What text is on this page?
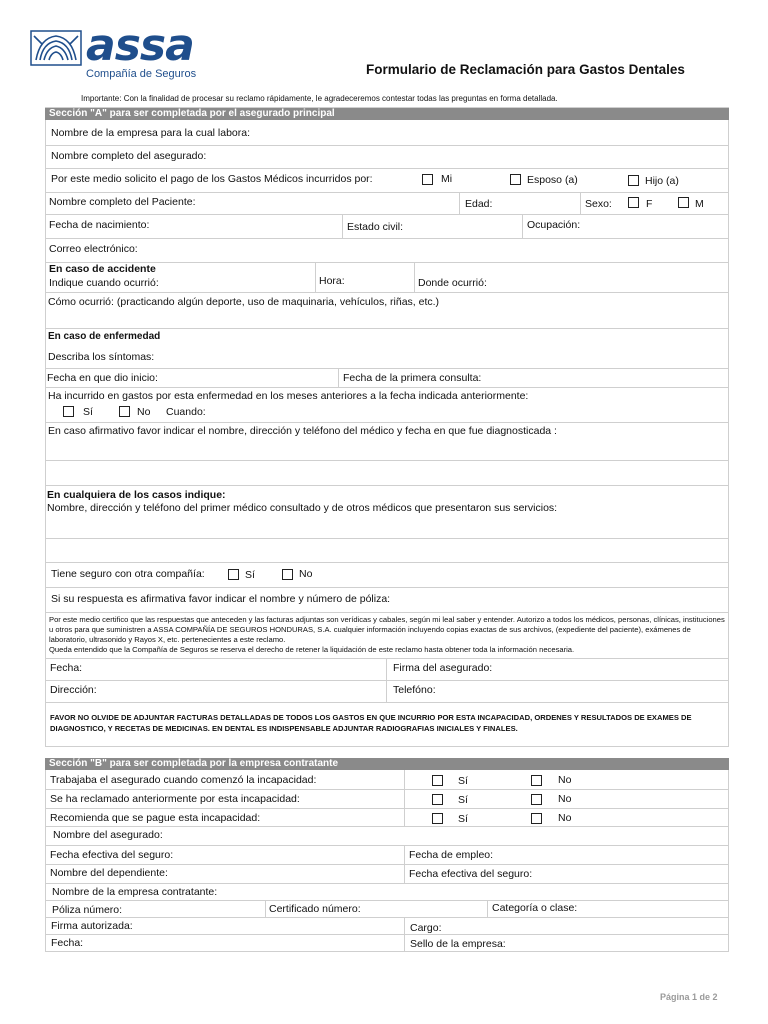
assa
Compañía de Seguros	Formulario de Reclamación para Gastos Dentales
Importante: Con la finalidad de procesar su reclamo rápidamente, le agradeceremos contestar todas las preguntas en forma detallada.
Sección "A" para ser completada por el asegurado principal
Nombre de la empresa para la cual labora:
Nombre completo del asegurado:
Por este medio solicito el pago de los Gastos Médicos incurridos por:	Mi	Esposo (a)	Hijo (a)
Nombre completo del Paciente:	Edad:	Sexo:	F	M
Fecha de nacimiento:	Estado civil:	Ocupación:
Correo electrónico:
En caso de accidente
Indique cuando ocurrió:	Hora:	Donde ocurrió:
Cómo ocurrió: (practicando algún deporte, uso de maquinaria, vehículos, riñas, etc.)
En caso de enfermedad
Describa los síntomas:
Fecha en que dio inicio:	Fecha de la primera consulta:
Ha incurrido en gastos por esta enfermedad en los meses anteriores a la fecha indicada anteriormente:
Sí	No Cuando:
En caso afirmativo favor indicar el nombre, dirección y teléfono del médico y fecha en que fue diagnosticada :
En cualquiera de los casos indique:
Nombre, dirección y teléfono del primer médico consultado y de otros médicos que presentaron sus servicios:
Tiene seguro con otra compañía:	Sí	No
Si su respuesta es afirmativa favor indicar el nombre y número de póliza:
Por este medio certifico que las respuestas que anteceden y las facturas adjuntas son verídicas y cabales, según mi leal saber y entender. Autorizo a todos los médicos, personas, clínicas, instituciones u otros para que suministren a ASSA COMPAÑÍA DE SEGUROS HONDURAS, S.A. cualquier información incluyendo copias exactas de sus archivos, (expediente del paciente), exámenes de laboratorio, ultrasonido y Rayos X, etc. pertenecientes a este reclamo.
Queda entendido que la Compañía de Seguros se reserva el derecho de retener la liquidación de este reclamo hasta obtener toda la información necesaria.
Fecha:	Firma del asegurado:
Dirección:	Telefóno:
FAVOR NO OLVIDE DE ADJUNTAR FACTURAS DETALLADAS DE TODOS LOS GASTOS EN QUE INCURRIO POR ESTA INCAPACIDAD, ORDENES Y RESULTADOS DE EXAMES DE DIAGNOSTICO, Y RECETAS DE MEDICINAS. EN DENTAL ES INDISPENSABLE ADJUNTAR RADIOGRAFIAS INICIALES Y FINALES.
Sección "B" para ser completada por la empresa contratante
Trabajaba el asegurado cuando comenzó la incapacidad:	Sí	No
Se ha reclamado anteriormente por esta incapacidad:	Sí	No
Recomienda que se pague esta incapacidad:	Sí	No
Nombre del asegurado:
Fecha efectiva del seguro:	Fecha de empleo:
Nombre del dependiente:	Fecha efectiva del seguro:
Nombre de la empresa contratante:
Póliza número:	Certificado número:	Categoría o clase:
Firma autorizada:	Cargo:
Fecha:	Sello de la empresa:
Página 1 de 2
